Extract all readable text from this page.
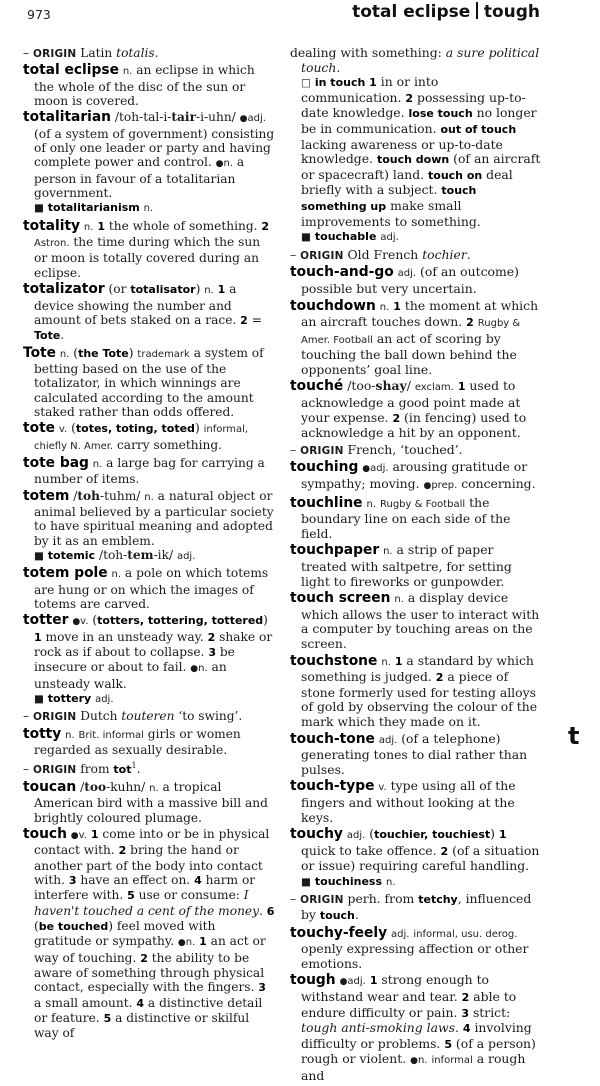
973	total eclipse tough

– ORIGIN Latin totalis.

total eclipse n. an eclipse in which the whole of the disc of the sun or moon is covered.

totalitarian /toh-tal-i-tair-i-uhn/ ●adj. (of a system of government) consisting of only one leader or party and having complete power and control. ●n. a person in favour of a totalitarian government.
■ totalitarianism n.

totality n. 1 the whole of something. 2 Astron. the time during which the sun or moon is totally covered during an eclipse.

totalizator (or totalisator) n. 1 a device showing the number and amount of bets staked on a race. 2 = Tote.

Tote n. (the Tote) trademark a system of betting based on the use of the totalizator, in which winnings are calculated according to the amount staked rather than odds offered.

tote v. (totes, toting, toted) informal, chiefly N. Amer. carry something.

tote bag n. a large bag for carrying a number of items.

totem /toh-tuhm/ n. a natural object or animal believed by a particular society to have spiritual meaning and adopted by it as an emblem.
■ totemic /toh-tem-ik/ adj.

totem pole n. a pole on which totems are hung or on which the images of totems are carved.

totter ●v. (totters, tottering, tottered) 1 move in an unsteady way. 2 shake or rock as if about to collapse. 3 be insecure or about to fail. ●n. an unsteady walk.
■ tottery adj.

– ORIGIN Dutch touteren ‘to swing’.

totty n. Brit. informal girls or women regarded as sexually desirable.

– ORIGIN from tot$^1$.

toucan /too-kuhn/ n. a tropical American bird with a massive bill and brightly coloured plumage.

touch ●v. 1 come into or be in physical contact with. 2 bring the hand or another part of the body into contact with. 3 have an effect on. 4 harm or interfere with. 5 use or consume: I haven't touched a cent of the money. 6 (be touched) feel moved with gratitude or sympathy. ●n. 1 an act or way of touching. 2 the ability to be aware of something through physical contact, especially with the fingers. 3 a small amount. 4 a distinctive detail or feature. 5 a distinctive or skilful way of

dealing with something: a sure political touch.
□ in touch 1 in or into communication. 2 possessing up-to-date knowledge. lose touch no longer be in communication. out of touch lacking awareness or up-to-date knowledge. touch down (of an aircraft or spacecraft) land. touch on deal briefly with a subject. touch something up make small improvements to something.
■ touchable adj.

– ORIGIN Old French tochier.

touch-and-go adj. (of an outcome) possible but very uncertain.

touchdown n. 1 the moment at which an aircraft touches down. 2 Rugby & Amer. Football an act of scoring by touching the ball down behind the opponents’ goal line.

touché /too-shay/ exclam. 1 used to acknowledge a good point made at your expense. 2 (in fencing) used to acknowledge a hit by an opponent.

– ORIGIN French, ‘touched’.

touching ●adj. arousing gratitude or sympathy; moving. ●prep. concerning.

touchline n. Rugby & Football the boundary line on each side of the field.

touchpaper n. a strip of paper treated with saltpetre, for setting light to fireworks or gunpowder.

touch screen n. a display device which allows the user to interact with a computer by touching areas on the screen.

touchstone n. 1 a standard by which something is judged. 2 a piece of stone formerly used for testing alloys of gold by observing the colour of the mark which they made on it.

touch-tone adj. (of a telephone) generating tones to dial rather than pulses.

touch-type v. type using all of the fingers and without looking at the keys.

touchy adj. (touchier, touchiest) 1 quick to take offence. 2 (of a situation or issue) requiring careful handling.
■ touchiness n.

– ORIGIN perh. from tetchy, influenced by touch.

touchy-feely adj. informal, usu. derog. openly expressing affection or other emotions.

tough ●adj. 1 strong enough to withstand wear and tear. 2 able to endure difficulty or pain. 3 strict: tough anti-smoking laws. 4 involving difficulty or problems. 5 (of a person) rough or violent. ●n. informal a rough and

t
